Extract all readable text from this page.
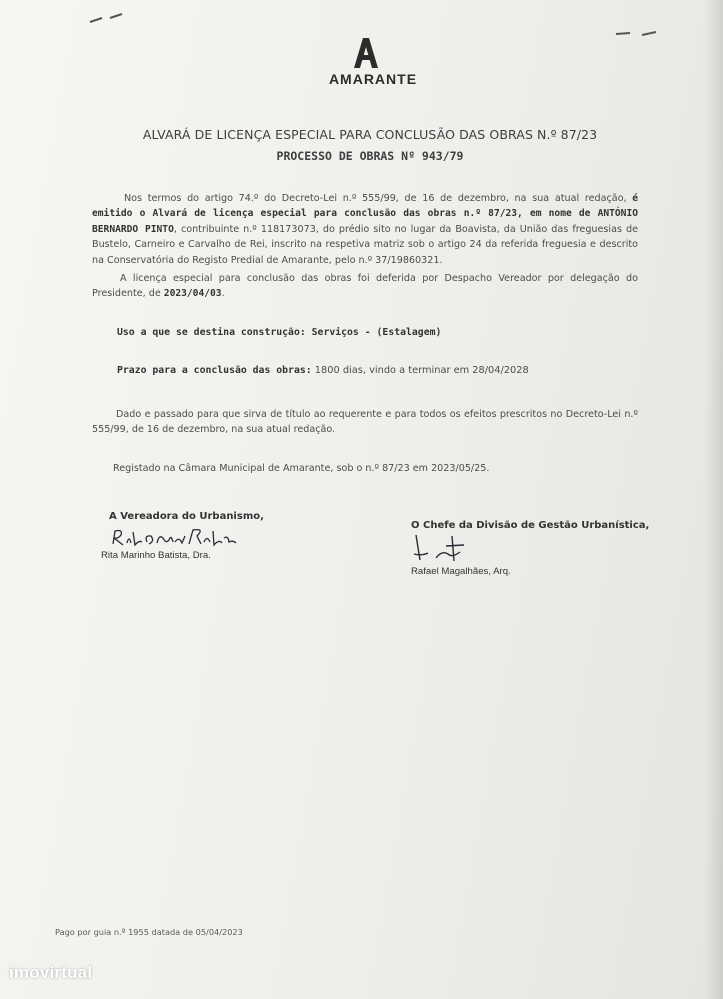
AMARANTE
ALVARÁ DE LICENÇA ESPECIAL PARA CONCLUSÃO DAS OBRAS N.º 87/23
PROCESSO DE OBRAS Nº 943/79
Nos termos do artigo 74.º do Decreto-Lei n.º 555/99, de 16 de dezembro, na sua atual redação, é emitido o Alvará de licença especial para conclusão das obras n.º 87/23, em nome de ANTÓNIO BERNARDO PINTO, contribuinte n.º 118173073, do prédio sito no lugar da Boavista, da União das freguesias de Bustelo, Carneiro e Carvalho de Rei, inscrito na respetiva matriz sob o artigo 24 da referida freguesia e descrito na Conservatória do Registo Predial de Amarante, pelo n.º 37/19860321.
A licença especial para conclusão das obras foi deferida por Despacho Vereador por delegação do Presidente, de 2023/04/03.
Uso a que se destina construção: Serviços - (Estalagem)
Prazo para a conclusão das obras: 1800 dias, vindo a terminar em 28/04/2028
Dado e passado para que sirva de título ao requerente e para todos os efeitos prescritos no Decreto-Lei n.º 555/99, de 16 de dezembro, na sua atual redação.
Registado na Câmara Municipal de Amarante, sob o n.º 87/23 em 2023/05/25.
A Vereadora do Urbanismo,
Rita Marinho Batista, Dra.
O Chefe da Divisão de Gestão Urbanística,
Rafael Magalhães, Arq.
Pago por guia n.º 1955 datada de 05/04/2023
imovirtual
